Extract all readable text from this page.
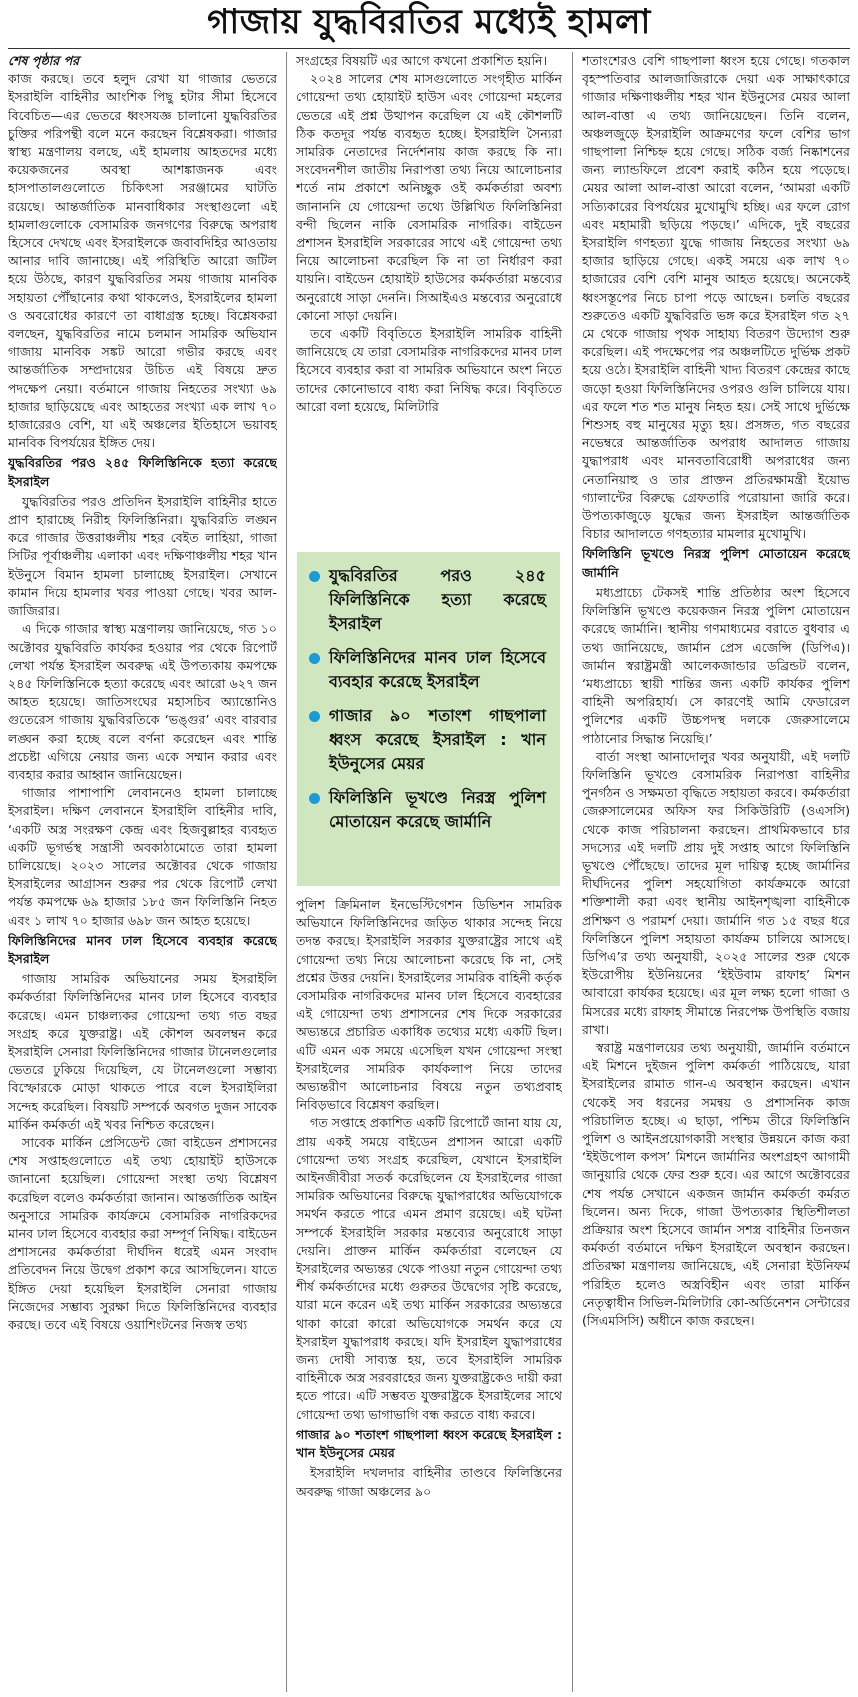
গাজায় যুদ্ধবিরতির মধ্যেই হামলা

শেষ পৃষ্ঠার পর

কাজ করছে। তবে হলুদ রেখা যা গাজার ভেতরে ইসরাইলি বাহিনীর আংশিক পিছু হটার সীমা হিসেবে বিবেচিত—এর ভেতরে ধ্বংসযজ্ঞ চালানো যুদ্ধবিরতির চুক্তির পরিপন্থী বলে মনে করছেন বিশ্লেষকরা। গাজার স্বাস্থ্য মন্ত্রণালয় বলছে, এই হামলায় আহতদের মধ্যে কয়েকজনের অবস্থা আশঙ্কাজনক এবং হাসপাতালগুলোতে চিকিৎসা সরঞ্জামের ঘাটতি রয়েছে। আন্তর্জাতিক মানবাধিকার সংস্থাগুলো এই হামলাগুলোকে বেসামরিক জনগণের বিরুদ্ধে অপরাধ হিসেবে দেখছে এবং ইসরাইলকে জবাবদিহির আওতায় আনার দাবি জানাচ্ছে। এই পরিস্থিতি আরো জটিল হয়ে উঠছে, কারণ যুদ্ধবিরতির সময় গাজায় মানবিক সহায়তা পৌঁছানোর কথা থাকলেও, ইসরাইলের হামলা ও অবরোধের কারণে তা বাধাগ্রস্ত হচ্ছে। বিশ্লেষকরা বলছেন, যুদ্ধবিরতির নামে চলমান সামরিক অভিযান গাজায় মানবিক সঙ্কট আরো গভীর করছে এবং আন্তর্জাতিক সম্প্রদায়ের উচিত এই বিষয়ে দ্রুত পদক্ষেপ নেয়া। বর্তমানে গাজায় নিহতের সংখ্যা ৬৯ হাজার ছাড়িয়েছে এবং আহতের সংখ্যা এক লাখ ৭০ হাজারেরও বেশি, যা এই অঞ্চলের ইতিহাসে ভয়াবহ মানবিক বিপর্যয়ের ইঙ্গিত দেয়।

যুদ্ধবিরতির পরও ২৪৫ ফিলিস্তিনিকে হত্যা করেছে ইসরাইল

যুদ্ধবিরতির পরও প্রতিদিন ইসরাইলি বাহিনীর হাতে প্রাণ হারাচ্ছে নিরীহ ফিলিস্তিনিরা। যুদ্ধবিরতি লঙ্ঘন করে গাজার উত্তরাঞ্চলীয় শহর বেইত লাহিয়া, গাজা সিটির পূর্বাঞ্চলীয় এলাকা এবং দক্ষিণাঞ্চলীয় শহর খান ইউনুসে বিমান হামলা চালাচ্ছে ইসরাইল। সেখানে কামান দিয়ে হামলার খবর পাওয়া গেছে। খবর আল-জাজিরার।

এ দিকে গাজার স্বাস্থ্য মন্ত্রণালয় জানিয়েছে, গত ১০ অক্টোবর যুদ্ধবিরতি কার্যকর হওয়ার পর থেকে রিপোর্ট লেখা পর্যন্ত ইসরাইল অবরুদ্ধ এই উপত্যকায় কমপক্ষে ২৪৫ ফিলিস্তিনিকে হত্যা করেছে এবং আরো ৬২৭ জন আহত হয়েছে। জাতিসংঘের মহাসচিব অ্যান্তোনিও গুতেরেস গাজায় যুদ্ধবিরতিকে ‘ভঙ্গুর’ এবং বারবার লঙ্ঘন করা হচ্ছে বলে বর্ণনা করেছেন এবং শান্তি প্রচেষ্টা এগিয়ে নেয়ার জন্য একে সম্মান করার এবং ব্যবহার করার আহ্বান জানিয়েছেন।

গাজার পাশাপাশি লেবাননেও হামলা চালাচ্ছে ইসরাইল। দক্ষিণ লেবাননে ইসরাইলি বাহিনীর দাবি, ‘একটি অস্ত্র সংরক্ষণ কেন্দ্র এবং হিজবুল্লাহর ব্যবহৃত একটি ভূগর্ভস্থ সন্ত্রাসী অবকাঠামোতে তারা হামলা চালিয়েছে। ২০২৩ সালের অক্টোবর থেকে গাজায় ইসরাইলের আগ্রাসন শুরুর পর থেকে রিপোর্ট লেখা পর্যন্ত কমপক্ষে ৬৯ হাজার ১৮৫ জন ফিলিস্তিনি নিহত এবং ১ লাখ ৭০ হাজার ৬৯৮ জন আহত হয়েছে।

ফিলিস্তিনিদের মানব ঢাল হিসেবে ব্যবহার করেছে ইসরাইল

গাজায় সামরিক অভিযানের সময় ইসরাইলি কর্মকর্তারা ফিলিস্তিনিদের মানব ঢাল হিসেবে ব্যবহার করেছে। এমন চাঞ্চল্যকর গোয়েন্দা তথ্য গত বছর সংগ্রহ করে যুক্তরাষ্ট্র। এই কৌশল অবলম্বন করে ইসরাইলি সেনারা ফিলিস্তিনিদের গাজার টানেলগুলোর ভেতরে ঢুকিয়ে দিয়েছিল, যে টানেলগুলো সম্ভাব্য বিস্ফোরকে মোড়া থাকতে পারে বলে ইসরাইলিরা সন্দেহ করেছিল। বিষয়টি সম্পর্কে অবগত দুজন সাবেক মার্কিন কর্মকর্তা এই খবর নিশ্চিত করেছেন।

সাবেক মার্কিন প্রেসিডেন্ট জো বাইডেন প্রশাসনের শেষ সপ্তাহগুলোতে এই তথ্য হোয়াইট হাউসকে জানানো হয়েছিল। গোয়েন্দা সংস্থা তথ্য বিশ্লেষণ করেছিল বলেও কর্মকর্তারা জানান। আন্তর্জাতিক আইন অনুসারে সামরিক কার্যক্রমে বেসামরিক নাগরিকদের মানব ঢাল হিসেবে ব্যবহার করা সম্পূর্ণ নিষিদ্ধ। বাইডেন প্রশাসনের কর্মকর্তারা দীর্ঘদিন ধরেই এমন সংবাদ প্রতিবেদন নিয়ে উদ্বেগ প্রকাশ করে আসছিলেন। যাতে ইঙ্গিত দেয়া হয়েছিল ইসরাইলি সেনারা গাজায় নিজেদের সম্ভাব্য সুরক্ষা দিতে ফিলিস্তিনিদের ব্যবহার করছে। তবে এই বিষয়ে ওয়াশিংটনের নিজস্ব তথ্য

সংগ্রহের বিষয়টি এর আগে কখনো প্রকাশিত হয়নি।

২০২৪ সালের শেষ মাসগুলোতে সংগৃহীত মার্কিন গোয়েন্দা তথ্য হোয়াইট হাউস এবং গোয়েন্দা মহলের ভেতরে এই প্রশ্ন উত্থাপন করেছিল যে এই কৌশলটি ঠিক কতদূর পর্যন্ত ব্যবহৃত হচ্ছে। ইসরাইলি সৈন্যরা সামরিক নেতাদের নির্দেশনায় কাজ করছে কি না। সংবেদনশীল জাতীয় নিরাপত্তা তথ্য নিয়ে আলোচনার শর্তে নাম প্রকাশে অনিচ্ছুক ওই কর্মকর্তারা অবশ্য জানাননি যে গোয়েন্দা তথ্যে উল্লিখিত ফিলিস্তিনিরা বন্দী ছিলেন নাকি বেসামরিক নাগরিক। বাইডেন প্রশাসন ইসরাইলি সরকারের সাথে এই গোয়েন্দা তথ্য নিয়ে আলোচনা করেছিল কি না তা নির্ধারণ করা যায়নি। বাইডেন হোয়াইট হাউসের কর্মকর্তারা মন্তব্যের অনুরোধে সাড়া দেননি। সিআইএও মন্তব্যের অনুরোধে কোনো সাড়া দেয়নি।

তবে একটি বিবৃতিতে ইসরাইলি সামরিক বাহিনী জানিয়েছে যে তারা বেসামরিক নাগরিকদের মানব ঢাল হিসেবে ব্যবহার করা বা সামরিক অভিযানে অংশ নিতে তাদের কোনোভাবে বাধ্য করা নিষিদ্ধ করে। বিবৃতিতে আরো বলা হয়েছে, মিলিটারি

যুদ্ধবিরতির পরও ২৪৫ ফিলিস্তিনিকে হত্যা করেছে ইসরাইল
ফিলিস্তিনিদের মানব ঢাল হিসেবে ব্যবহার করেছে ইসরাইল
গাজার ৯০ শতাংশ গাছপালা ধ্বংস করেছে ইসরাইল : খান ইউনুসের মেয়র
ফিলিস্তিনি ভূখণ্ডে নিরস্ত্র পুলিশ মোতায়েন করেছে জার্মানি

পুলিশ ক্রিমিনাল ইনভেস্টিগেশন ডিভিশন সামরিক অভিযানে ফিলিস্তিনিদের জড়িত থাকার সন্দেহ নিয়ে তদন্ত করছে। ইসরাইলি সরকার যুক্তরাষ্ট্রের সাথে এই গোয়েন্দা তথ্য নিয়ে আলোচনা করেছে কি না, সেই প্রশ্নের উত্তর দেয়নি। ইসরাইলের সামরিক বাহিনী কর্তৃক বেসামরিক নাগরিকদের মানব ঢাল হিসেবে ব্যবহারের এই গোয়েন্দা তথ্য প্রশাসনের শেষ দিকে সরকারের অভ্যন্তরে প্রচারিত একাধিক তথ্যের মধ্যে একটি ছিল। এটি এমন এক সময়ে এসেছিল যখন গোয়েন্দা সংস্থা ইসরাইলের সামরিক কার্যকলাপ নিয়ে তাদের অভ্যন্তরীণ আলোচনার বিষয়ে নতুন তথ্যপ্রবাহ নিবিড়ভাবে বিশ্লেষণ করছিল।

গত সপ্তাহে প্রকাশিত একটি রিপোর্টে জানা যায় যে, প্রায় একই সময়ে বাইডেন প্রশাসন আরো একটি গোয়েন্দা তথ্য সংগ্রহ করেছিল, যেখানে ইসরাইলি আইনজীবীরা সতর্ক করেছিলেন যে ইসরাইলের গাজা সামরিক অভিযানের বিরুদ্ধে যুদ্ধাপরাধের অভিযোগকে সমর্থন করতে পারে এমন প্রমাণ রয়েছে। এই ঘটনা সম্পর্কে ইসরাইলি সরকার মন্তব্যের অনুরোধে সাড়া দেয়নি। প্রাক্তন মার্কিন কর্মকর্তারা বলেছেন যে ইসরাইলের অভ্যন্তর থেকে পাওয়া নতুন গোয়েন্দা তথ্য শীর্ষ কর্মকর্তাদের মধ্যে গুরুতর উদ্বেগের সৃষ্টি করেছে, যারা মনে করেন এই তথ্য মার্কিন সরকারের অভ্যন্তরে থাকা কারো কারো অভিযোগকে সমর্থন করে যে ইসরাইল যুদ্ধাপরাধ করছে। যদি ইসরাইল যুদ্ধাপরাধের জন্য দোষী সাব্যস্ত হয়, তবে ইসরাইলি সামরিক বাহিনীকে অস্ত্র সরবরাহের জন্য যুক্তরাষ্ট্রকেও দায়ী করা হতে পারে। এটি সম্ভবত যুক্তরাষ্ট্রকে ইসরাইলের সাথে গোয়েন্দা তথ্য ভাগাভাগি বন্ধ করতে বাধ্য করবে।

গাজার ৯০ শতাংশ গাছপালা ধ্বংস করেছে ইসরাইল : খান ইউনুসের মেয়র

ইসরাইলি দখলদার বাহিনীর তাণ্ডবে ফিলিস্তিনের অবরুদ্ধ গাজা অঞ্চলের ৯০

শতাংশেরও বেশি গাছপালা ধ্বংস হয়ে গেছে। গতকাল বৃহস্পতিবার আলজাজিরাকে দেয়া এক সাক্ষাৎকারে গাজার দক্ষিণাঞ্চলীয় শহর খান ইউনুসের মেয়র আলা আল-বাত্তা এ তথ্য জানিয়েছেন। তিনি বলেন, অঞ্চলজুড়ে ইসরাইলি আক্রমণের ফলে বেশির ভাগ গাছপালা নিশ্চিহ্ন হয়ে গেছে। সঠিক বর্জ্য নিষ্কাশনের জন্য ল্যান্ডফিলে প্রবেশ করাই কঠিন হয়ে পড়েছে। মেয়র আলা আল-বাত্তা আরো বলেন, ‘আমরা একটি সত্যিকারের বিপর্যয়ের মুখোমুখি হচ্ছি। এর ফলে রোগ এবং মহামারী ছড়িয়ে পড়ছে।’ এদিকে, দুই বছরের ইসরাইলি গণহত্যা যুদ্ধে গাজায় নিহতের সংখ্যা ৬৯ হাজার ছাড়িয়ে গেছে। একই সময়ে এক লাখ ৭০ হাজারের বেশি বেশি মানুষ আহত হয়েছে। অনেকেই ধ্বংসস্তূপের নিচে চাপা পড়ে আছেন। চলতি বছরের শুরুতেও একটি যুদ্ধবিরতি ভঙ্গ করে ইসরাইল গত ২৭ মে থেকে গাজায় পৃথক সাহায্য বিতরণ উদ্যোগ শুরু করেছিল। এই পদক্ষেপের পর অঞ্চলটিতে দুর্ভিক্ষ প্রকট হয়ে ওঠে। ইসরাইলি বাহিনী খাদ্য বিতরণ কেন্দ্রের কাছে জড়ো হওয়া ফিলিস্তিনিদের ওপরও গুলি চালিয়ে যায়। এর ফলে শত শত মানুষ নিহত হয়। সেই সাথে দুর্ভিক্ষে শিশুসহ বহু মানুষের মৃত্যু হয়। প্রসঙ্গত, গত বছরের নভেম্বরে আন্তর্জাতিক অপরাধ আদালত গাজায় যুদ্ধাপরাধ এবং মানবতাবিরোধী অপরাধের জন্য নেতানিয়াহু ও তার প্রাক্তন প্রতিরক্ষামন্ত্রী ইয়োভ গ্যালান্টের বিরুদ্ধে গ্রেফতারি পরোয়ানা জারি করে। উপত্যকাজুড়ে যুদ্ধের জন্য ইসরাইল আন্তর্জাতিক বিচার আদালতে গণহত্যার মামলার মুখোমুখি।

ফিলিস্তিনি ভূখণ্ডে নিরস্ত্র পুলিশ মোতায়েন করেছে জার্মানি

মধ্যপ্রাচ্যে টেকসই শান্তি প্রতিষ্ঠার অংশ হিসেবে ফিলিস্তিনি ভূখণ্ডে কয়েকজন নিরস্ত্র পুলিশ মোতায়েন করেছে জার্মানি। স্থানীয় গণমাধ্যমের বরাতে বুধবার এ তথ্য জানিয়েছে, জার্মান প্রেস এজেন্সি (ডিপিএ)। জার্মান স্বরাষ্ট্রমন্ত্রী আলেকজান্ডার ডব্রিন্ডট বলেন, ‘মধ্যপ্রাচ্যে স্থায়ী শান্তির জন্য একটি কার্যকর পুলিশ বাহিনী অপরিহার্য। সে কারণেই আমি ফেডারেল পুলিশের একটি উচ্চপদস্থ দলকে জেরুসালেমে পাঠানোর সিদ্ধান্ত নিয়েছি।’

বার্তা সংস্থা আনাদোলুর খবর অনুযায়ী, এই দলটি ফিলিস্তিনি ভূখণ্ডে বেসামরিক নিরাপত্তা বাহিনীর পুনর্গঠন ও সক্ষমতা বৃদ্ধিতে সহায়তা করবে। কর্মকর্তারা জেরুসালেমের অফিস ফর সিকিউরিটি (ওএসসি) থেকে কাজ পরিচালনা করছেন। প্রাথমিকভাবে চার সদস্যের এই দলটি প্রায় দুই সপ্তাহ আগে ফিলিস্তিনি ভূখণ্ডে পৌঁছেছে। তাদের মূল দায়িত্ব হচ্ছে জার্মানির দীর্ঘদিনের পুলিশ সহযোগিতা কার্যক্রমকে আরো শক্তিশালী করা এবং স্থানীয় আইনশৃঙ্খলা বাহিনীকে প্রশিক্ষণ ও পরামর্শ দেয়া। জার্মানি গত ১৫ বছর ধরে ফিলিস্তিনে পুলিশ সহায়তা কার্যক্রম চালিয়ে আসছে। ডিপিএ’র তথ্য অনুযায়ী, ২০২৫ সালের শুরু থেকে ইউরোপীয় ইউনিয়নের ‘ইইউবাম রাফাহ’ মিশন আবারো কার্যকর হয়েছে। এর মূল লক্ষ্য হলো গাজা ও মিসরের মধ্যে রাফাহ সীমান্তে নিরপেক্ষ উপস্থিতি বজায় রাখা।

স্বরাষ্ট্র মন্ত্রণালয়ের তথ্য অনুযায়ী, জার্মানি বর্তমানে এই মিশনে দুইজন পুলিশ কর্মকর্তা পাঠিয়েছে, যারা ইসরাইলের রামাত গান-এ অবস্থান করছেন। এখান থেকেই সব ধরনের সমন্বয় ও প্রশাসনিক কাজ পরিচালিত হচ্ছে। এ ছাড়া, পশ্চিম তীরে ফিলিস্তিনি পুলিশ ও আইনপ্রয়োগকারী সংস্থার উন্নয়নে কাজ করা ‘ইইউপোল কপস’ মিশনে জার্মানির অংশগ্রহণ আগামী জানুয়ারি থেকে ফের শুরু হবে। এর আগে অক্টোবরের শেষ পর্যন্ত সেখানে একজন জার্মান কর্মকর্তা কর্মরত ছিলেন। অন্য দিকে, গাজা উপত্যকার স্থিতিশীলতা প্রক্রিয়ার অংশ হিসেবে জার্মান সশস্ত্র বাহিনীর তিনজন কর্মকর্তা বর্তমানে দক্ষিণ ইসরাইলে অবস্থান করছেন। প্রতিরক্ষা মন্ত্রণালয় জানিয়েছে, এই সেনারা ইউনিফর্ম পরিহিত হলেও অস্ত্রবিহীন এবং তারা মার্কিন নেতৃত্বাধীন সিভিল-মিলিটারি কো-অর্ডিনেশন সেন্টারের (সিএমসিসি) অধীনে কাজ করছেন।
